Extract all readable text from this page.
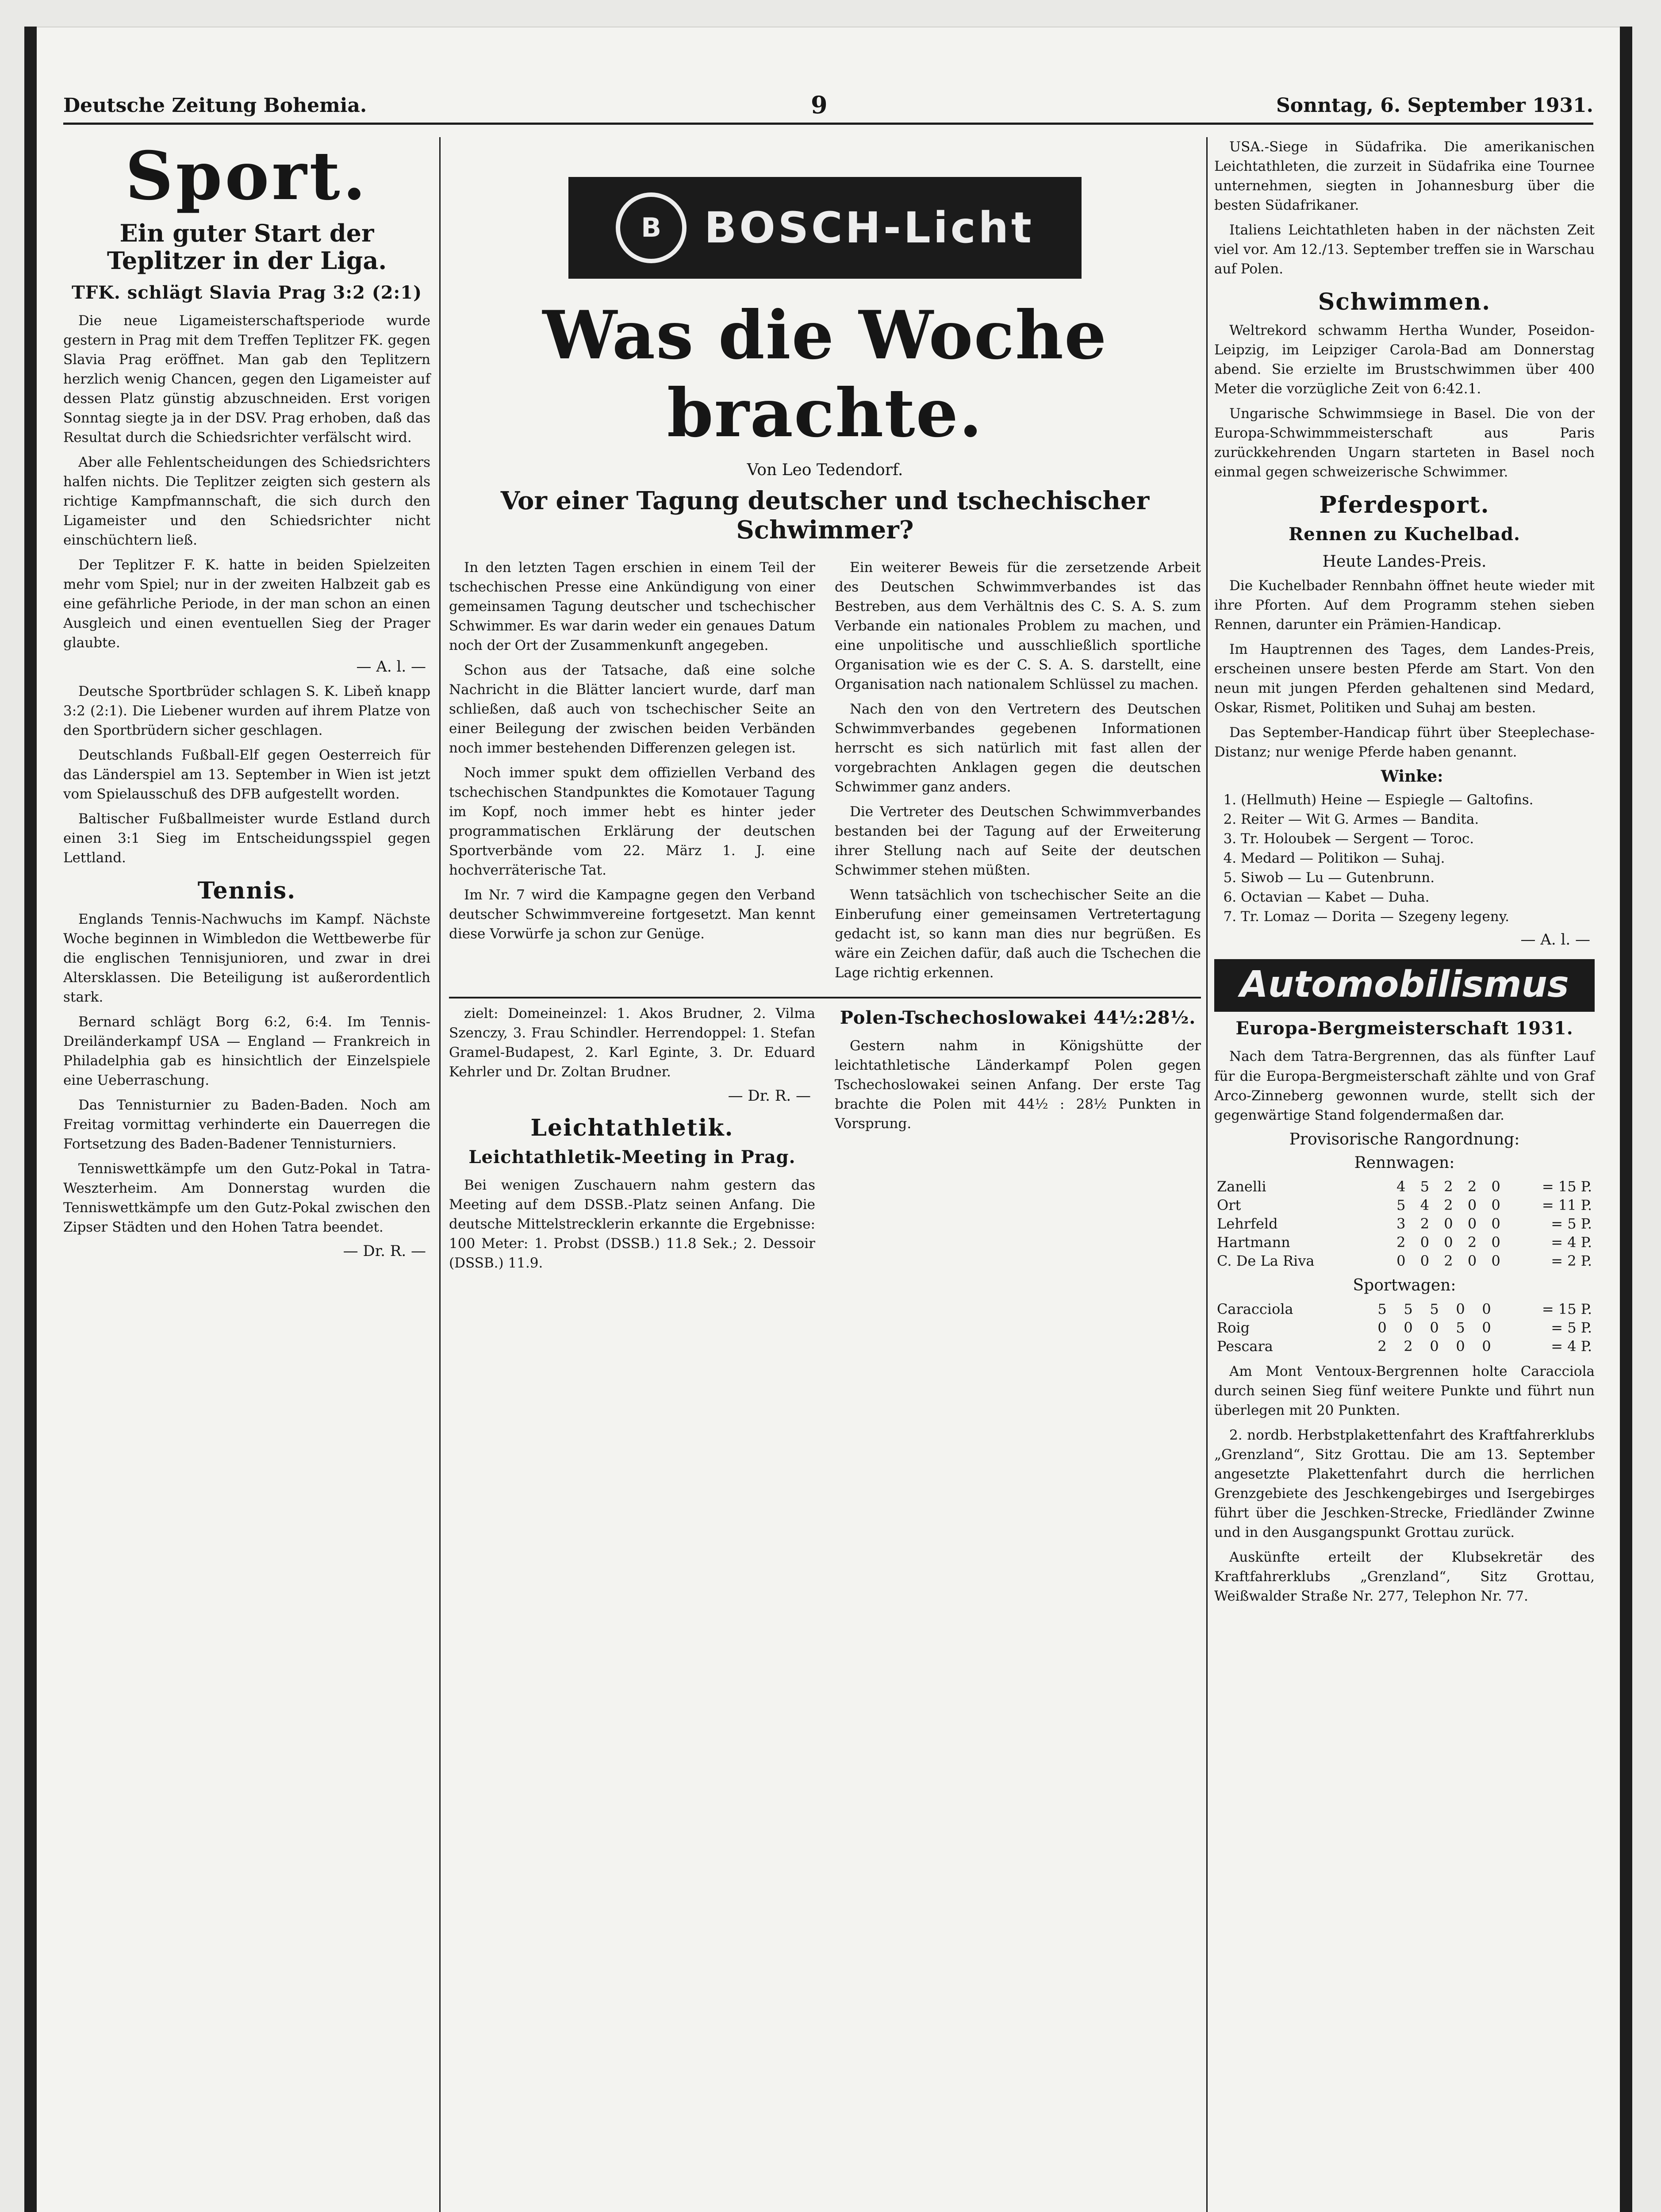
Deutsche Zeitung Bohemia.	9	Sonntag, 6. September 1931.
Sport.
Ein guter Start der Teplitzer in der Liga.
TFK. schlägt Slavia Prag 3:2 (2:1)

Die neue Ligameisterschaftsperiode wurde gestern in Prag mit dem Treffen Teplitzer FK. gegen Slavia Prag eröffnet. Man gab den Teplitzern herzlich wenig Chancen, gegen den Ligameister auf dessen Platz günstig abzuschneiden. Erst vorigen Sonntag siegte ja in der DSV. Prag erhoben, daß das Resultat durch die Schiedsrichter verfälscht wird.

Aber alle Fehlentscheidungen des Schiedsrichters halfen nichts. Die Teplitzer zeigten sich gestern als richtige Kampfmannschaft, die sich durch den Ligameister und den Schiedsrichter nicht einschüchtern ließ.

Der Teplitzer F. K. hatte in beiden Spielzeiten mehr vom Spiel; nur in der zweiten Halbzeit gab es eine gefährliche Periode, in der man schon an einen Ausgleich und einen eventuellen Sieg der Prager glaubte.

— A. l. —

Deutsche Sportbrüder schlagen S. K. Libeň knapp 3:2 (2:1). Die Liebener wurden auf ihrem Platze von den Sportbrüdern sicher geschlagen.

Deutschlands Fußball-Elf gegen Oesterreich für das Länderspiel am 13. September in Wien ist jetzt vom Spielausschuß des DFB aufgestellt worden.

Baltischer Fußballmeister wurde Estland durch einen 3:1 Sieg im Entscheidungsspiel gegen Lettland.

Tennis.

Englands Tennis-Nachwuchs im Kampf. Nächste Woche beginnen in Wimbledon die Wettbewerbe für die englischen Tennisjunioren, und zwar in drei Altersklassen. Die Beteiligung ist außerordentlich stark.

Bernard schlägt Borg 6:2, 6:4. Im Tennis-Dreiländerkampf USA — England — Frankreich in Philadelphia gab es hinsichtlich der Einzelspiele eine Ueberraschung.

Das Tennisturnier zu Baden-Baden. Noch am Freitag vormittag verhinderte ein Dauerregen die Fortsetzung des Baden-Badener Tennisturniers.

Tenniswettkämpfe um den Gutz-Pokal in Tatra-Weszterheim. Am Donnerstag wurden die Tenniswettkämpfe um den Gutz-Pokal zwischen den Zipser Städten und den Hohen Tatra beendet.

— Dr. R. —
B	BOSCH-Licht
Was die Woche brachte.
Von Leo Tedendorf.
Vor einer Tagung deutscher und tschechischer Schwimmer?

In den letzten Tagen erschien in einem Teil der tschechischen Presse eine Ankündigung von einer gemeinsamen Tagung deutscher und tschechischer Schwimmer. Es war darin weder ein genaues Datum noch der Ort der Zusammenkunft angegeben.

Schon aus der Tatsache, daß eine solche Nachricht in die Blätter lanciert wurde, darf man schließen, daß auch von tschechischer Seite an einer Beilegung der zwischen beiden Verbänden noch immer bestehenden Differenzen gelegen ist.

Noch immer spukt dem offiziellen Verband des tschechischen Standpunktes die Komotauer Tagung im Kopf, noch immer hebt es hinter jeder programmatischen Erklärung der deutschen Sportverbände vom 22. März 1. J. eine hochverräterische Tat.

Im Nr. 7 wird die Kampagne gegen den Verband deutscher Schwimmvereine fortgesetzt. Man kennt diese Vorwürfe ja schon zur Genüge.

Ein weiterer Beweis für die zersetzende Arbeit des Deutschen Schwimmverbandes ist das Bestreben, aus dem Verhältnis des C. S. A. S. zum Verbande ein nationales Problem zu machen, und eine unpolitische und ausschließlich sportliche Organisation wie es der C. S. A. S. darstellt, eine Organisation nach nationalem Schlüssel zu machen.

Nach den von den Vertretern des Deutschen Schwimmverbandes gegebenen Informationen herrscht es sich natürlich mit fast allen der vorgebrachten Anklagen gegen die deutschen Schwimmer ganz anders.

Die Vertreter des Deutschen Schwimmverbandes bestanden bei der Tagung auf der Erweiterung ihrer Stellung nach auf Seite der deutschen Schwimmer stehen müßten.

Wenn tatsächlich von tschechischer Seite an die Einberufung einer gemeinsamen Vertretertagung gedacht ist, so kann man dies nur begrüßen. Es wäre ein Zeichen dafür, daß auch die Tschechen die Lage richtig erkennen.

zielt: Domeineinzel: 1. Akos Brudner, 2. Vilma Szenczy, 3. Frau Schindler. Herrendoppel: 1. Stefan Gramel-Budapest, 2. Karl Eginte, 3. Dr. Eduard Kehrler und Dr. Zoltan Brudner.

— Dr. R. —
Leichtathletik.
Leichtathletik-Meeting in Prag.

Bei wenigen Zuschauern nahm gestern das Meeting auf dem DSSB.-Platz seinen Anfang. Die deutsche Mittelstrecklerin erkannte die Ergebnisse: 100 Meter: 1. Probst (DSSB.) 11.8 Sek.; 2. Dessoir (DSSB.) 11.9.

Polen-Tschechoslowakei 44½:28½.

Gestern nahm in Königshütte der leichtathletische Länderkampf Polen gegen Tschechoslowakei seinen Anfang. Der erste Tag brachte die Polen mit 44½ : 28½ Punkten in Vorsprung.

USA.-Siege in Südafrika. Die amerikanischen Leichtathleten, die zurzeit in Südafrika eine Tournee unternehmen, siegten in Johannesburg über die besten Südafrikaner.

Italiens Leichtathleten haben in der nächsten Zeit viel vor. Am 12./13. September treffen sie in Warschau auf Polen.

Schwimmen.

Weltrekord schwamm Hertha Wunder, Poseidon-Leipzig, im Leipziger Carola-Bad am Donnerstag abend. Sie erzielte im Brustschwimmen über 400 Meter die vorzügliche Zeit von 6:42.1.

Ungarische Schwimmsiege in Basel. Die von der Europa-Schwimmmeisterschaft aus Paris zurückkehrenden Ungarn starteten in Basel noch einmal gegen schweizerische Schwimmer.

Pferdesport.
Rennen zu Kuchelbad.
Heute Landes-Preis.

Die Kuchelbader Rennbahn öffnet heute wieder mit ihre Pforten. Auf dem Programm stehen sieben Rennen, darunter ein Prämien-Handicap.

Im Hauptrennen des Tages, dem Landes-Preis, erscheinen unsere besten Pferde am Start. Von den neun mit jungen Pferden gehaltenen sind Medard, Oskar, Rismet, Politiken und Suhaj am besten.

Das September-Handicap führt über Steeplechase-Distanz; nur wenige Pferde haben genannt.

Winke:
1. (Hellmuth) Heine — Espiegle — Galtofins.
2. Reiter — Wit G. Armes — Bandita.
3. Tr. Holoubek — Sergent — Toroc.
4. Medard — Politikon — Suhaj.
5. Siwob — Lu — Gutenbrunn.
6. Octavian — Kabet — Duha.
7. Tr. Lomaz — Dorita — Szegeny legeny.
— A. l. —
Automobilismus
Europa-Bergmeisterschaft 1931.

Nach dem Tatra-Bergrennen, das als fünfter Lauf für die Europa-Bergmeisterschaft zählte und von Graf Arco-Zinneberg gewonnen wurde, stellt sich der gegenwärtige Stand folgendermaßen dar.

Provisorische Rangordnung:
Rennwagen:
Zanelli	4	5	2	2	0	= 15 P.
Ort	5	4	2	0	0	= 11 P.
Lehrfeld	3	2	0	0	0	= 5 P.
Hartmann	2	0	0	2	0	= 4 P.
C. De La Riva	0	0	2	0	0	= 2 P.
Sportwagen:
Caracciola	5	5	5	0	0	= 15 P.
Roig	0	0	0	5	0	= 5 P.
Pescara	2	2	0	0	0	= 4 P.

Am Mont Ventoux-Bergrennen holte Caracciola durch seinen Sieg fünf weitere Punkte und führt nun überlegen mit 20 Punkten.

2. nordb. Herbstplakettenfahrt des Kraftfahrerklubs „Grenzland“, Sitz Grottau. Die am 13. September angesetzte Plakettenfahrt durch die herrlichen Grenzgebiete des Jeschkengebirges und Isergebirges führt über die Jeschken-Strecke, Friedländer Zwinne und in den Ausgangspunkt Grottau zurück.

Auskünfte erteilt der Klubsekretär des Kraftfahrerklubs „Grenzland“, Sitz Grottau, Weißwalder Straße Nr. 277, Telephon Nr. 77.
